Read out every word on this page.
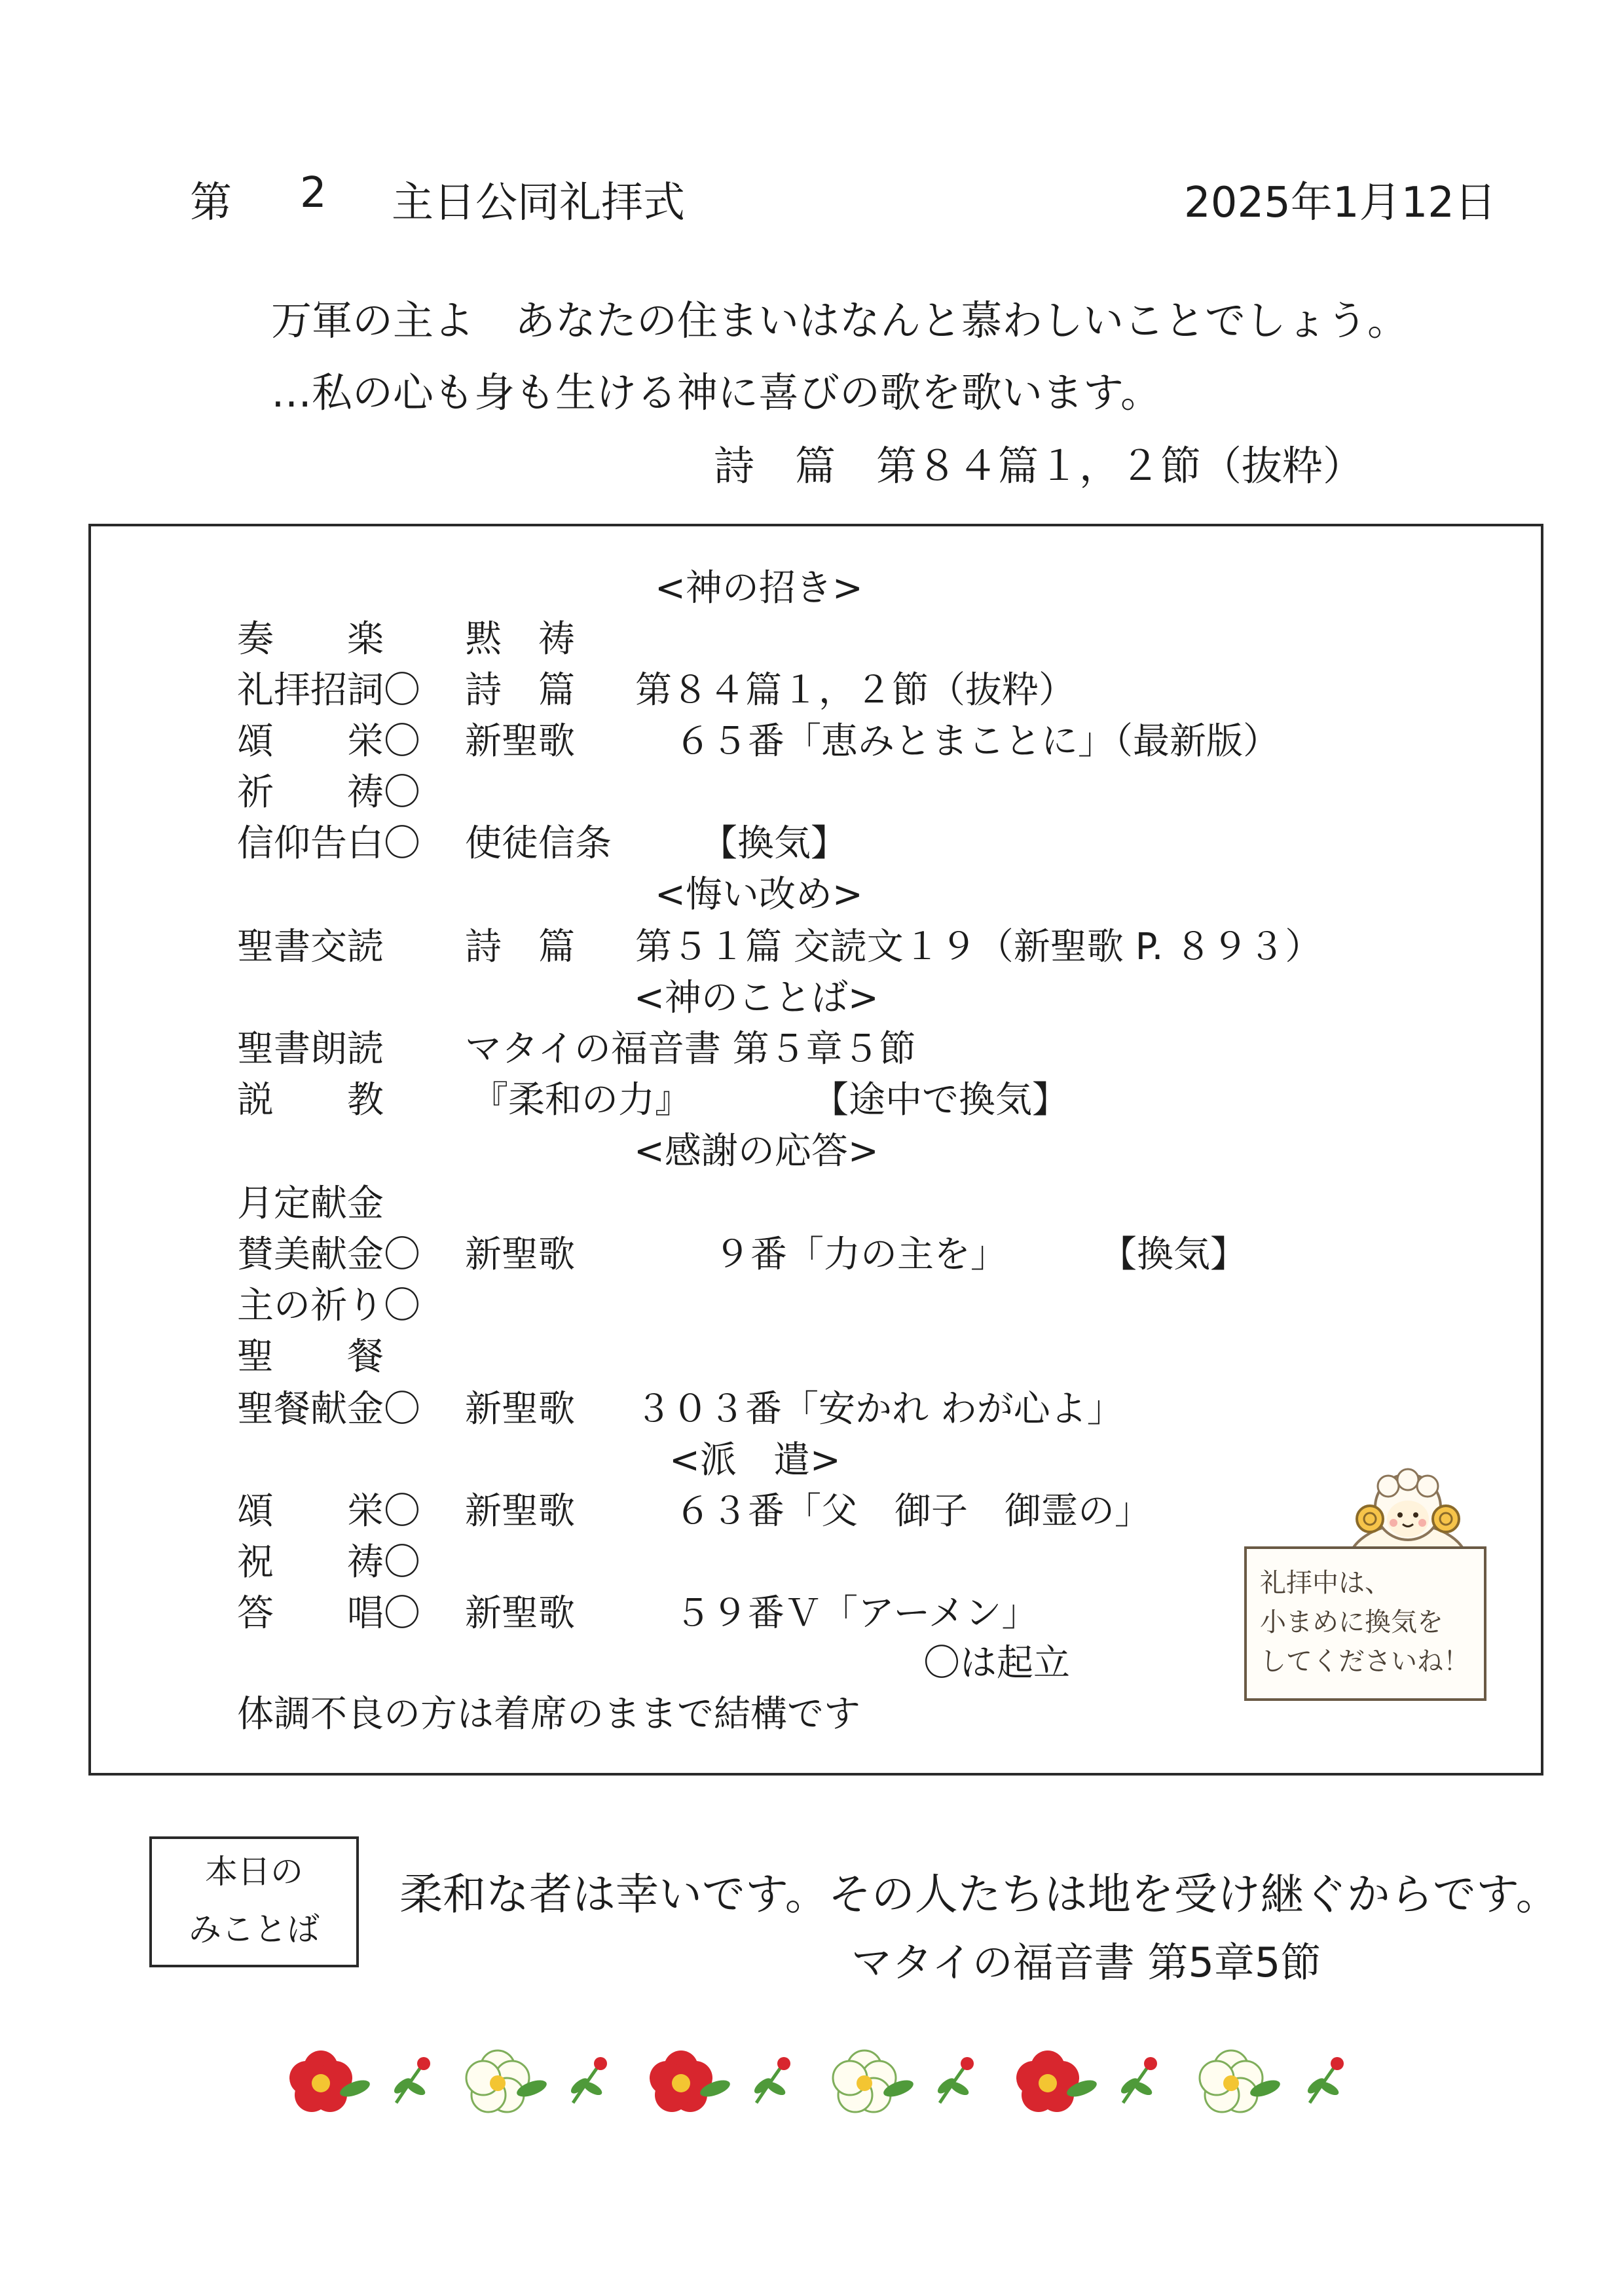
第 2 主日公同礼拝式	2025年1月12日
万軍の主よ　あなたの住まいはなんと慕わしいことでしょう。
…私の心も身も生ける神に喜びの歌を歌います。
詩　篇　第８４篇１，２節（抜粋）
<神の招き>
奏　　楽 黙　祷
礼拝招詞〇 詩　篇 第８４篇１，２節（抜粋）
頌　　栄〇 新聖歌	６５番「恵みとまことに」（最新版）
祈　　祷〇
信仰告白〇 使徒信条 【換気】
<悔い改め>
聖書交読 詩　篇 第５１篇 交読文１９（新聖歌 P. ８９３）
<神のことば>
聖書朗読 マタイの福音書 第５章５節
説　　教 『柔和の力』	【途中で換気】
<感謝の応答>
月定献金
賛美献金〇 新聖歌	９番「力の主を」	【換気】
主の祈り〇
聖　　餐
聖餐献金〇 新聖歌 ３０３番「安かれ わが心よ」
<派　遣>
頌　　栄〇 新聖歌	６３番「父　御子　御霊の」
祝　　祷〇
答　　唱〇 新聖歌	５９番Ｖ「アーメン」
〇は起立
体調不良の方は着席のままで結構です
礼拝中は、
小まめに換気を
してくださいね！
本日の
みことば
柔和な者は幸いです。その人たちは地を受け継ぐからです。
マタイの福音書 第5章5節
